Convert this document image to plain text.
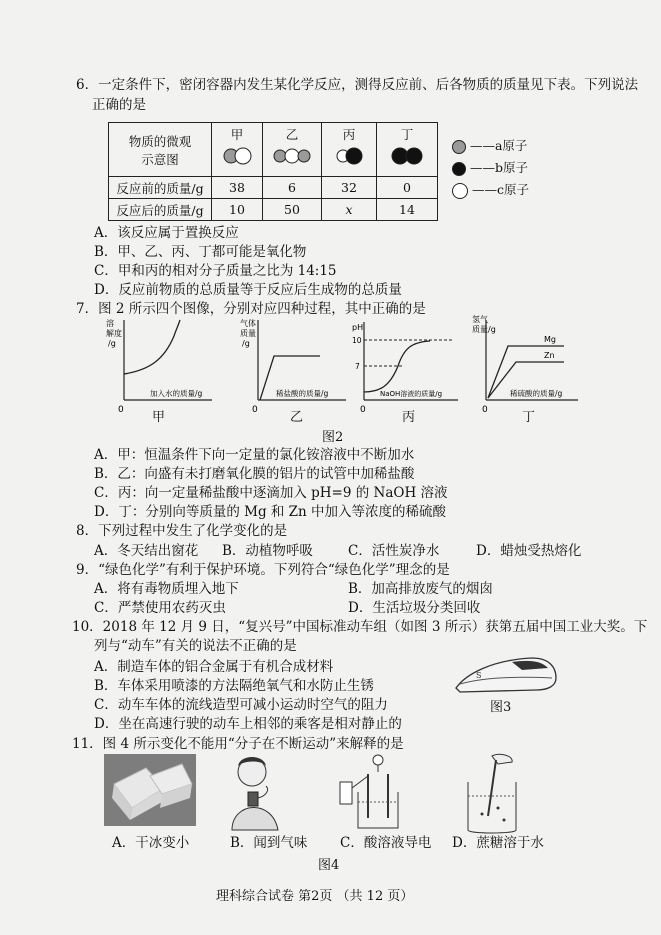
6．一定条件下，密闭容器内发生某化学反应，测得反应前、后各物质的质量见下表。下列说法
正确的是
物质的微观
示意图	甲	乙	丙	丁

反应前的质量/g	38	6	32	0
反应后的质量/g	10	50	x	14
——a原子
——b原子
——c原子
A．该反应属于置换反应
B．甲、乙、丙、丁都可能是氧化物
C．甲和丙的相对分子质量之比为 14:15
D．反应前物质的总质量等于反应后生成物的总质量
7．图 2 所示四个图像，分别对应四种过程，其中正确的是
溶
解度
/g
加入水的质量/g
0
气体
质量
/g
稀盐酸的质量/g
0
pH
10
7
NaOH溶液的质量/g
0
氢气
质量/g
Mg
Zn
稀硫酸的质量/g
0
甲	乙	丙	丁
图2
A．甲：恒温条件下向一定量的氯化铵溶液中不断加水
B．乙：向盛有未打磨氧化膜的铝片的试管中加稀盐酸
C．丙：向一定量稀盐酸中逐滴加入 pH=9 的 NaOH 溶液
D．丁：分别向等质量的 Mg 和 Zn 中加入等浓度的稀硫酸
8．下列过程中发生了化学变化的是
A．冬天结出窗花 B．动植物呼吸	C．活性炭净水	D．蜡烛受热熔化
9．“绿色化学”有利于保护环境。下列符合“绿色化学”理念的是
A．将有毒物质埋入地下	B．加高排放废气的烟囱
C．严禁使用农药灭虫	D．生活垃圾分类回收
10．2018 年 12 月 9 日，“复兴号”中国标准动车组（如图 3 所示）获第五届中国工业大奖。下
列与“动车”有关的说法不正确的是
A．制造车体的铝合金属于有机合成材料
B．车体采用喷漆的方法隔绝氧气和水防止生锈
C．动车车体的流线造型可减小运动时空气的阻力
D．坐在高速行驶的动车上相邻的乘客是相对静止的
S
图3
11．图 4 所示变化不能用“分子在不断运动”来解释的是
A．干冰变小	B．闻到气味 C．酸溶液导电 D．蔗糖溶于水
图4
理科综合试卷 第2页 （共 12 页）
